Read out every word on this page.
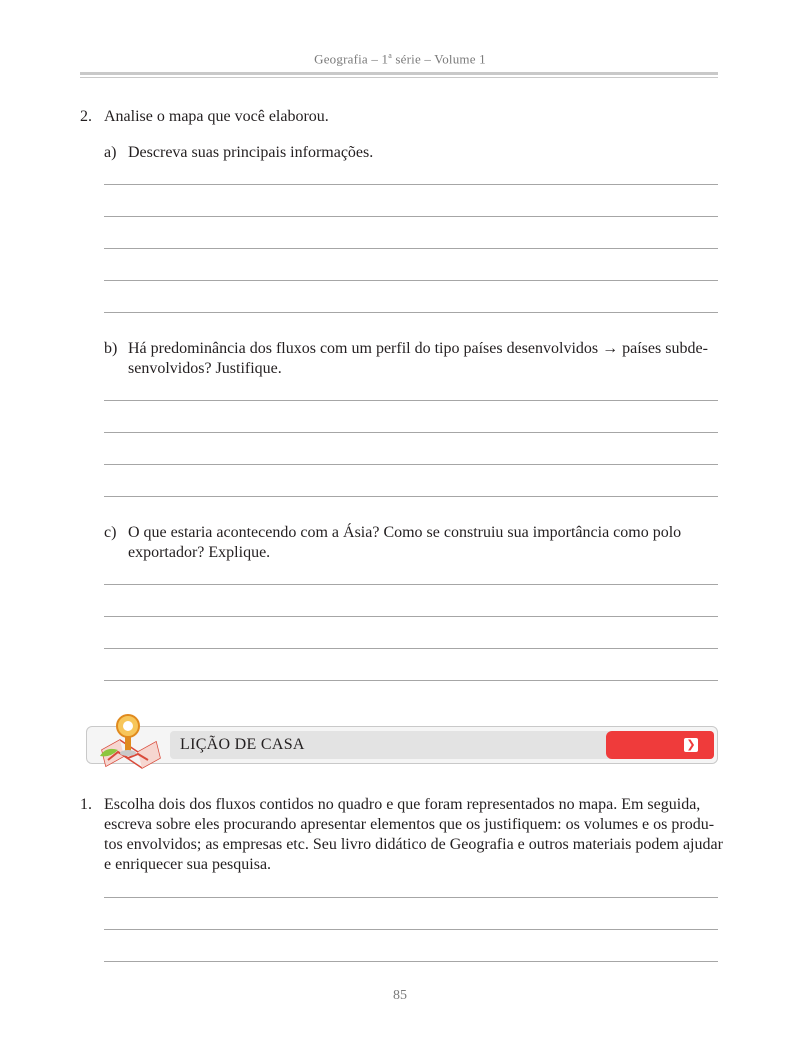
Geografia – 1$^a$ série – Volume 1
2. Analise o mapa que você elaborou.
a) Descreva suas principais informações.
b) Há predominância dos fluxos com um perfil do tipo países desenvolvidos → países subde-
senvolvidos? Justifique.
c) O que estaria acontecendo com a Ásia? Como se construiu sua importância como polo
exportador? Explique.
❯
LIÇÃO DE CASA
1. Escolha dois dos fluxos contidos no quadro e que foram representados no mapa. Em seguida,
escreva sobre eles procurando apresentar elementos que os justifiquem: os volumes e os produ-
tos envolvidos; as empresas etc. Seu livro didático de Geografia e outros materiais podem ajudar
e enriquecer sua pesquisa.
85
